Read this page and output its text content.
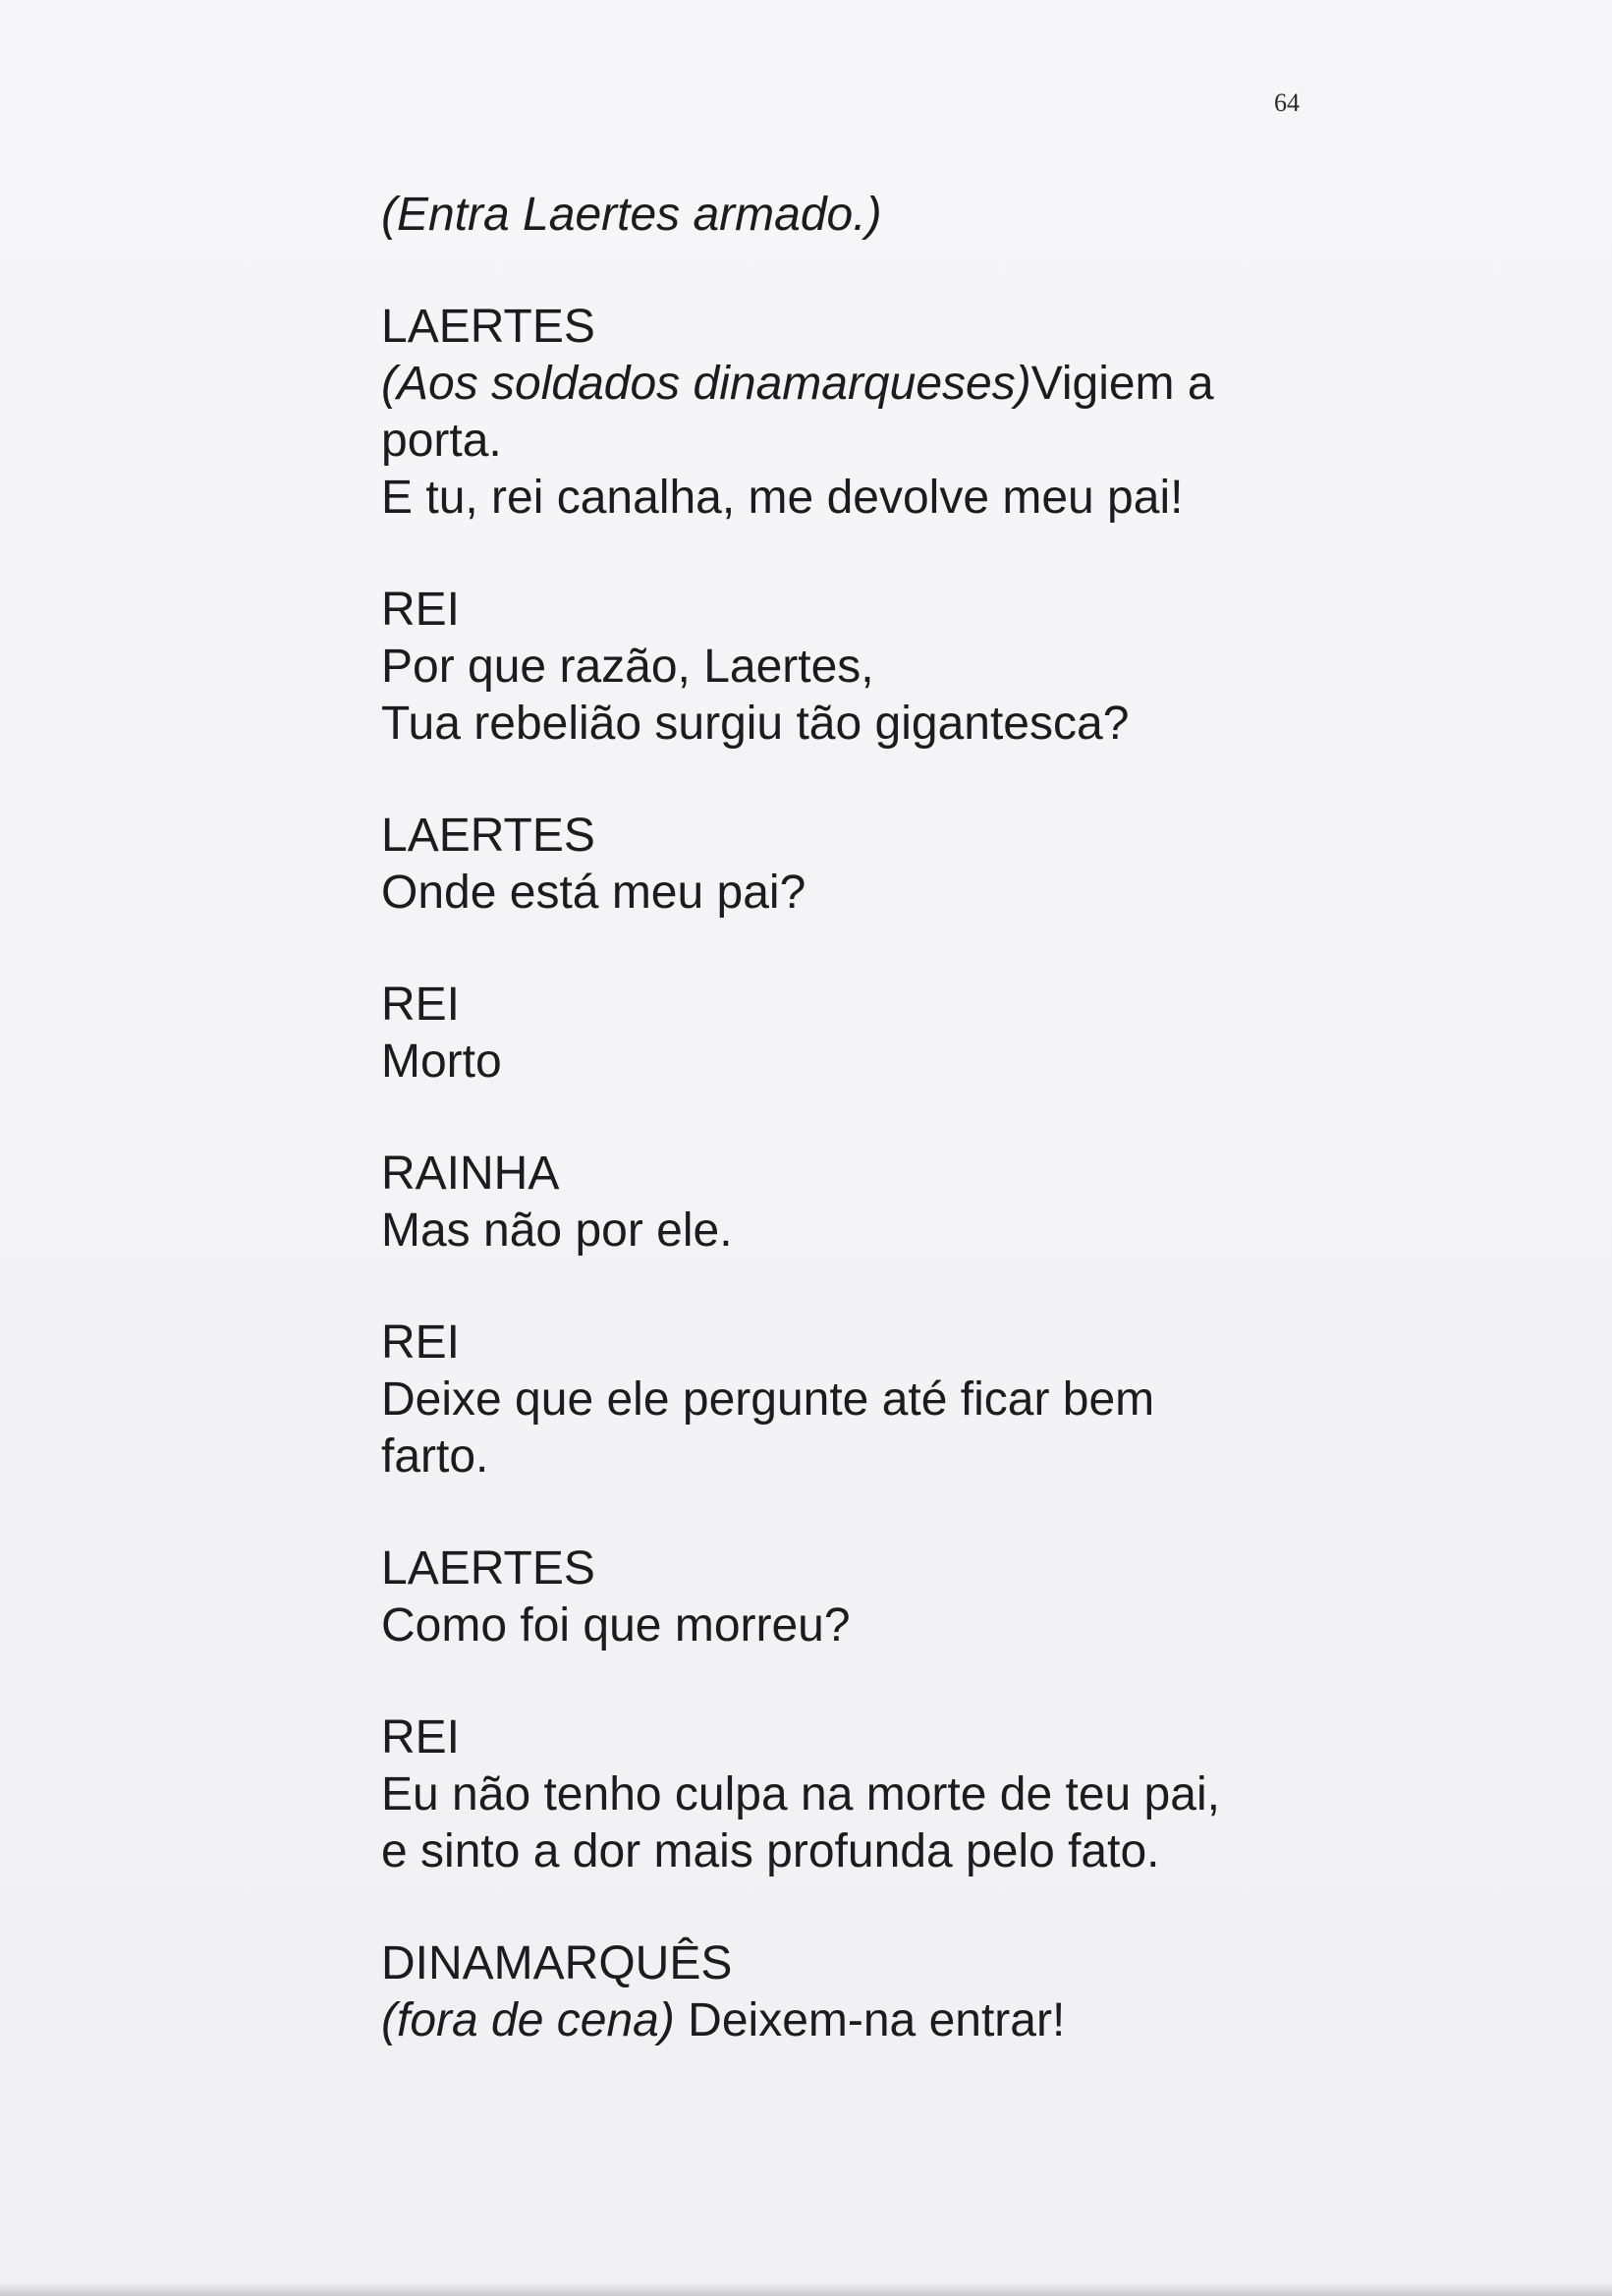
64
(Entra Laertes armado.)
LAERTES
(Aos soldados dinamarqueses)Vigiem a
porta.
E tu, rei canalha, me devolve meu pai!
REI
Por que razão, Laertes,
Tua rebelião surgiu tão gigantesca?
LAERTES
Onde está meu pai?
REI
Morto
RAINHA
Mas não por ele.
REI
Deixe que ele pergunte até ficar bem
farto.
LAERTES
Como foi que morreu?
REI
Eu não tenho culpa na morte de teu pai,
e sinto a dor mais profunda pelo fato.
DINAMARQUÊS
(fora de cena) Deixem-na entrar!
